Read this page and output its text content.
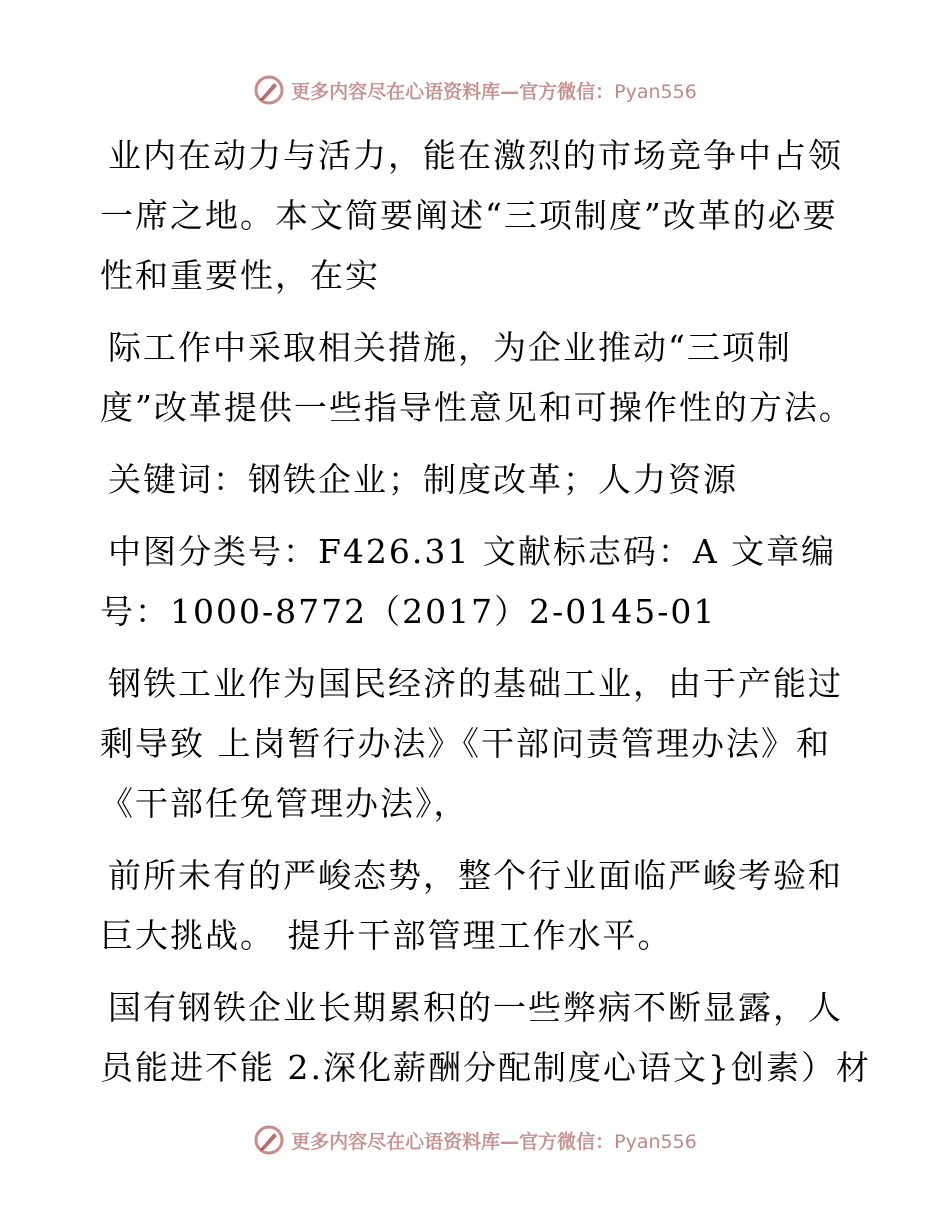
更多内容尽在心语资料库—官方微信：Pyan556
业内在动力与活力，能在激烈的市场竞争中占领
一席之地。本文简要阐述“三项制度”改革的必要
性和重要性，在实
际工作中采取相关措施，为企业推动“三项制
度”改革提供一些指导性意见和可操作性的方法。
关键词：钢铁企业；制度改革；人力资源
中图分类号：F426.31 文献标志码：A 文章编
号：1000-8772（2017）2-0145-01
钢铁工业作为国民经济的基础工业，由于产能过
剩导致 上岗暂行办法》《干部问责管理办法》和
《干部任免管理办法》，
前所未有的严峻态势，整个行业面临严峻考验和
巨大挑战。 提升干部管理工作水平。
国有钢铁企业长期累积的一些弊病不断显露，人
员能进不能 2.深化薪酬分配制度心语文}创素）材
更多内容尽在心语资料库—官方微信：Pyan556
